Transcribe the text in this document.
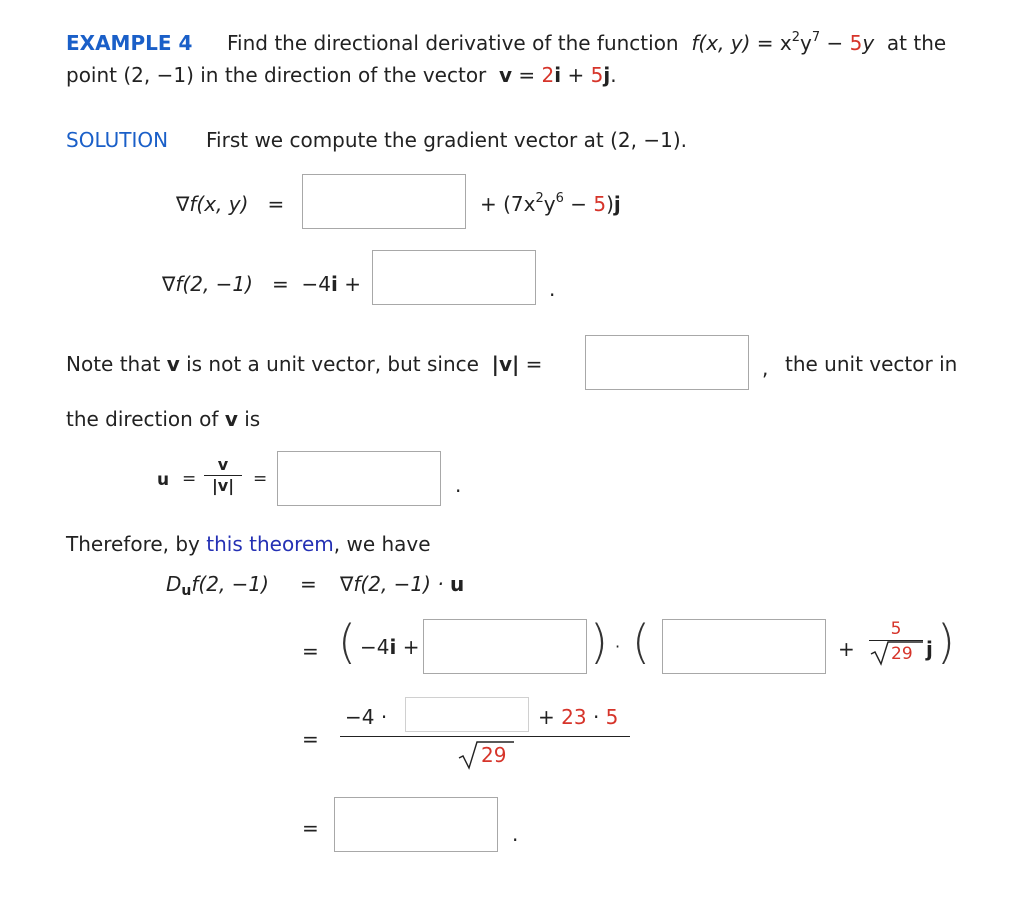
EXAMPLE 4 Find the directional derivative of the function f(x, $y) = x^2y^7 - 5y$ at the
point (2, −1) in the direction of the vector v = 2i + 5j.
SOLUTION First we compute the gradient vector at (2, −1).
∇f(x, y) =	+ $(7x^2y^6 - 5)j$
∇f(2, −1) = −4i +	.
Note that v is not a unit vector, but since |v| =	, the unit vector in
the direction of v is
u =
v
|v|	=	.
Therefore, by this theorem, we have
$D_uf(2$, −1) = ∇f(2, −1) · u
= ( −4i +	) · (	+
5
29 j )
=
−4 ·	+ 23 · 5
29
=	.
